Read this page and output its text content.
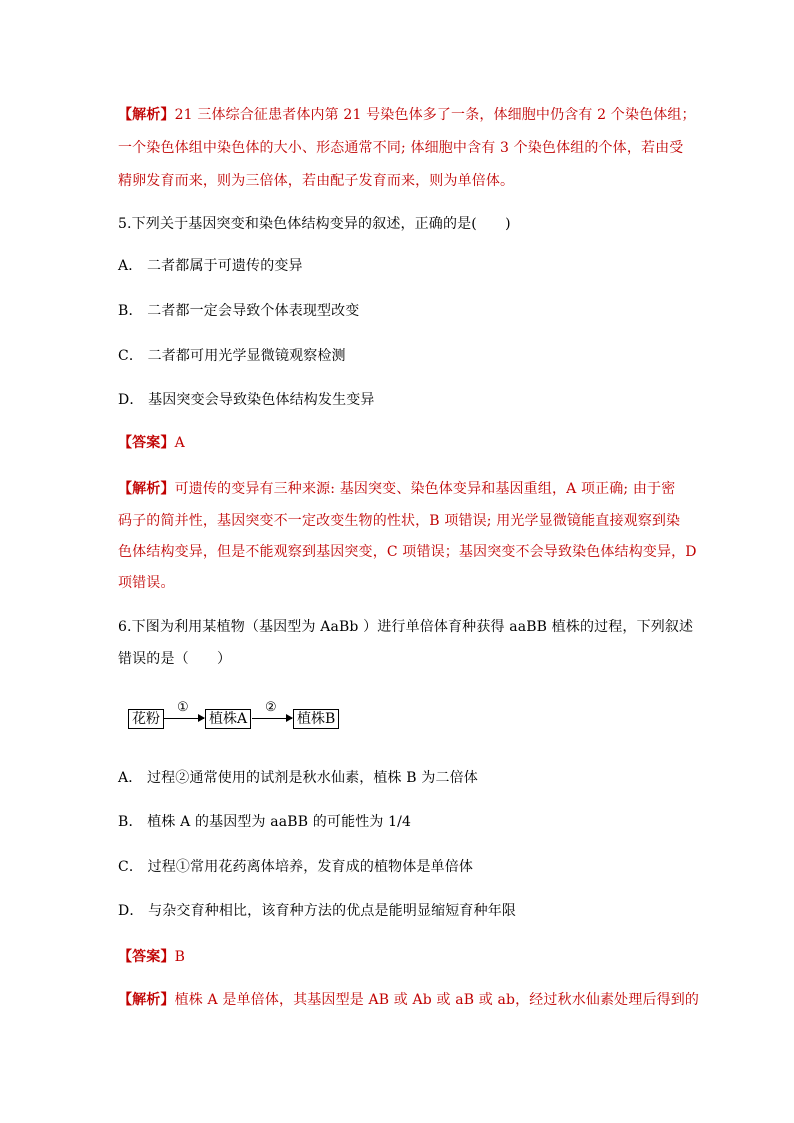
【解析】21 三体综合征患者体内第 21 号染色体多了一条，体细胞中仍含有 2 个染色体组；
一个染色体组中染色体的大小、形态通常不同; 体细胞中含有 3 个染色体组的个体，若由受
精卵发育而来，则为三倍体，若由配子发育而来，则为单倍体。
5.下列关于基因突变和染色体结构变异的叙述，正确的是(　　)
A． 二者都属于可遗传的变异
B． 二者都一定会导致个体表现型改变
C． 二者都可用光学显微镜观察检测
D． 基因突变会导致染色体结构发生变异
【答案】A
【解析】可遗传的变异有三种来源: 基因突变、染色体变异和基因重组，A 项正确; 由于密
码子的简并性，基因突变不一定改变生物的性状，B 项错误; 用光学显微镜能直接观察到染
色体结构变异，但是不能观察到基因突变，C 项错误；基因突变不会导致染色体结构变异，D
项错误。
6.下图为利用某植物（基因型为 AaBb ）进行单倍体育种获得 aaBB 植株的过程，下列叙述
错误的是（　　）
花粉
①
植株A
②
植株B
A． 过程②通常使用的试剂是秋水仙素，植株 B 为二倍体
B． 植株 A 的基因型为 aaBB 的可能性为 1/4
C． 过程①常用花药离体培养，发育成的植物体是单倍体
D． 与杂交育种相比，该育种方法的优点是能明显缩短育种年限
【答案】B
【解析】植株 A 是单倍体，其基因型是 AB 或 Ab 或 aB 或 ab，经过秋水仙素处理后得到的
